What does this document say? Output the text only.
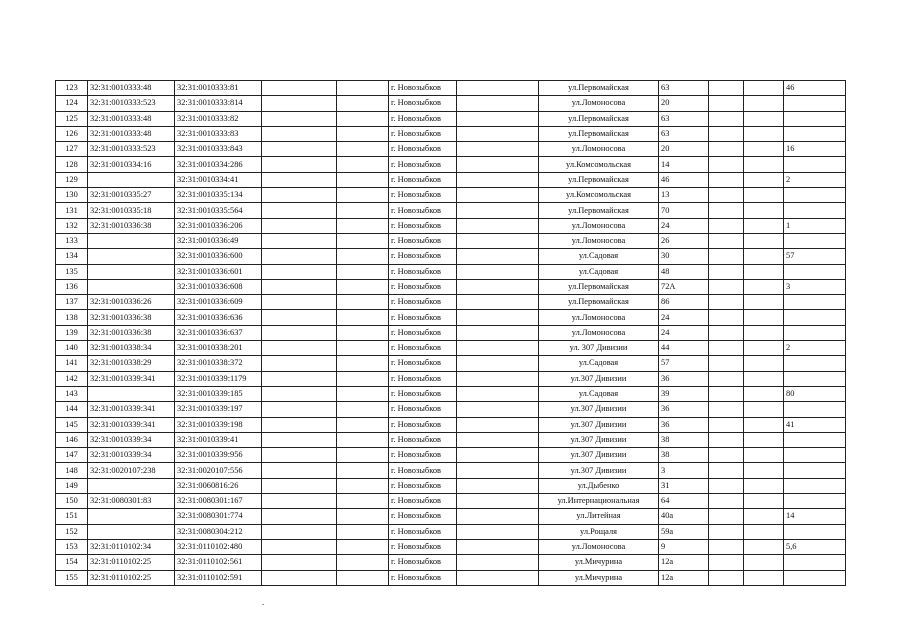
123	32:31:0010333:48	32:31:0010333:81			г. Новозыбков		ул.Первомайская	63			46
124	32:31:0010333:523	32:31:0010333:814			г. Новозыбков		ул.Ломоносова	20			
125	32:31:0010333:48	32:31:0010333:82			г. Новозыбков		ул.Первомайская	63			
126	32:31:0010333:48	32:31:0010333:83			г. Новозыбков		ул.Первомайская	63			
127	32:31:0010333:523	32:31:0010333:843			г. Новозыбков		ул.Ломоносова	20			16
128	32:31:0010334:16	32:31:0010334:286			г. Новозыбков		ул.Комсомольская	14			
129		32:31:0010334:41			г. Новозыбков		ул.Первомайская	46			2
130	32:31:0010335:27	32:31:0010335:134			г. Новозыбков		ул.Комсомольская	13			
131	32:31:0010335:18	32:31:0010335:564			г. Новозыбков		ул.Первомайская	70			
132	32:31:0010336:38	32:31:0010336:206			г. Новозыбков		ул.Ломоносова	24			1
133		32:31:0010336:49			г. Новозыбков		ул.Ломоносова	26			
134		32:31:0010336:600			г. Новозыбков		ул.Садовая	30			57
135		32:31:0010336:601			г. Новозыбков		ул.Садовая	48			
136		32:31:0010336:608			г. Новозыбков		ул.Первомайская	72А			3
137	32:31:0010336:26	32:31:0010336:609			г. Новозыбков		ул.Первомайская	86			
138	32:31:0010336:38	32:31:0010336:636			г. Новозыбков		ул.Ломоносова	24			
139	32:31:0010336:38	32:31:0010336:637			г. Новозыбков		ул.Ломоносова	24			
140	32:31:0010338:34	32:31:0010338:201			г. Новозыбков		ул. 307 Дивизии	44			2
141	32:31:0010338:29	32:31:0010338:372			г. Новозыбков		ул.Садовая	57			
142	32:31:0010339:341	32:31:0010339:1179			г. Новозыбков		ул.307 Дивизии	36			
143		32:31:0010339:185			г. Новозыбков		ул.Садовая	39			80
144	32:31:0010339:341	32:31:0010339:197			г. Новозыбков		ул.307 Дивизии	36			
145	32:31:0010339:341	32:31:0010339:198			г. Новозыбков		ул.307 Дивизии	36			41
146	32:31:0010339:34	32:31:0010339:41			г. Новозыбков		ул.307 Дивизии	38			
147	32:31:0010339:34	32:31:0010339:956			г. Новозыбков		ул.307 Дивизии	38			
148	32:31:0020107:238	32:31:0020107:556			г. Новозыбков		ул.307 Дивизии	3			
149		32:31:0060816:26			г. Новозыбков		ул.Дыбенко	31			
150	32:31:0080301:83	32:31:0080301:167			г. Новозыбков		ул.Интернациональная	64			
151		32:31:0080301:774			г. Новозыбков		ул.Литейная	40а			14
152		32:31:0080304:212			г. Новозыбков		ул.Рощаля	59а			
153	32:31:0110102:34	32:31:0110102:480			г. Новозыбков		ул.Ломоносова	9			5,6
154	32:31:0110102:25	32:31:0110102:561			г. Новозыбков		ул.Мичурина	12а			
155	32:31:0110102:25	32:31:0110102:591			г. Новозыбков		ул.Мичурина	12а			
